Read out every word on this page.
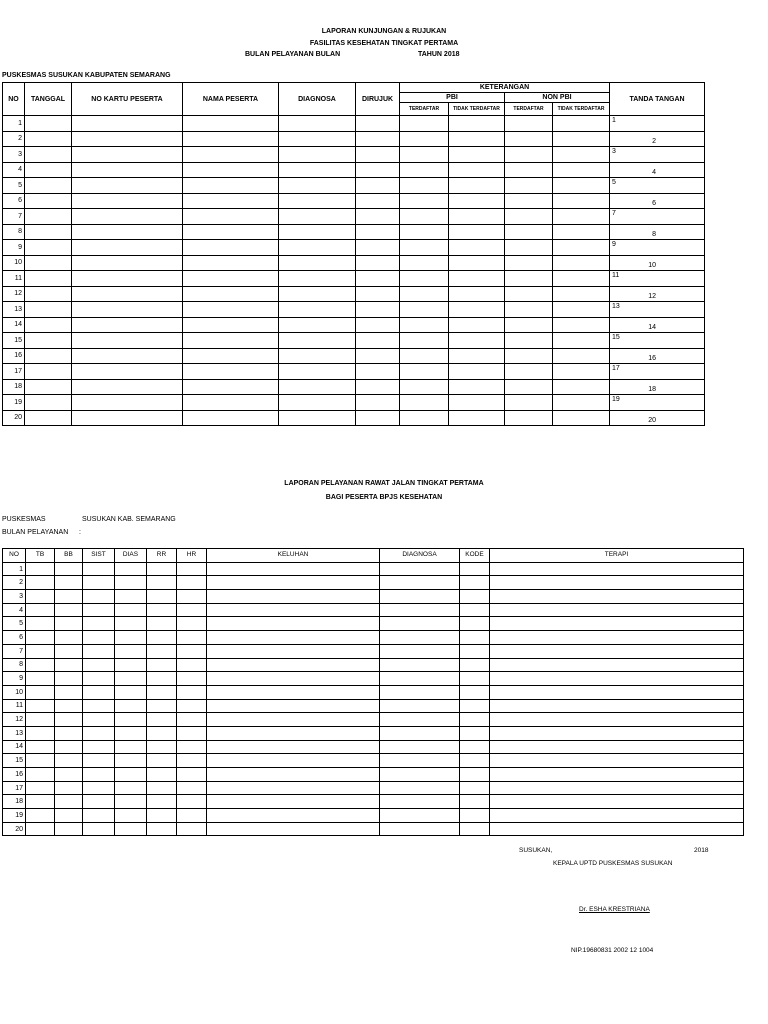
LAPORAN KUNJUNGAN & RUJUKAN
FASILITAS KESEHATAN TINGKAT PERTAMA
BULAN PELAYANAN BULAN	TAHUN 2018
PUSKESMAS SUSUKAN KABUPATEN SEMARANG
NO	TANGGAL	NO KARTU PESERTA	NAMA PESERTA	DIAGNOSA	DIRUJUK	KETERANGAN				TANDA TANGAN
						PBI		NON PBI		
						TERDAFTAR	TIDAK TERDAFTAR	TERDAFTAR	TIDAK TERDAFTAR	
1										1
2										2
3										3
4										4
5										5
6										6
7										7
8										8
9										9
10										10
11										11
12										12
13										13
14										14
15										15
16										16
17										17
18										18
19										19
20										20
LAPORAN PELAYANAN RAWAT JALAN TINGKAT PERTAMA
BAGI PESERTA BPJS KESEHATAN
PUSKESMAS	SUSUKAN KAB. SEMARANG
BULAN PELAYANAN :
NO	TB	BB	SIST	DIAS	RR	HR	KELUHAN	DIAGNOSA	KODE	TERAPI
1										
2										
3										
4										
5										
6										
7										
8										
9										
10										
11										
12										
13										
14										
15										
16										
17										
18										
19										
20										
SUSUKAN,	2018
KEPALA UPTD PUSKESMAS SUSUKAN
Dr. ESHA KRESTRIANA
NIP.19680831 2002 12 1004
